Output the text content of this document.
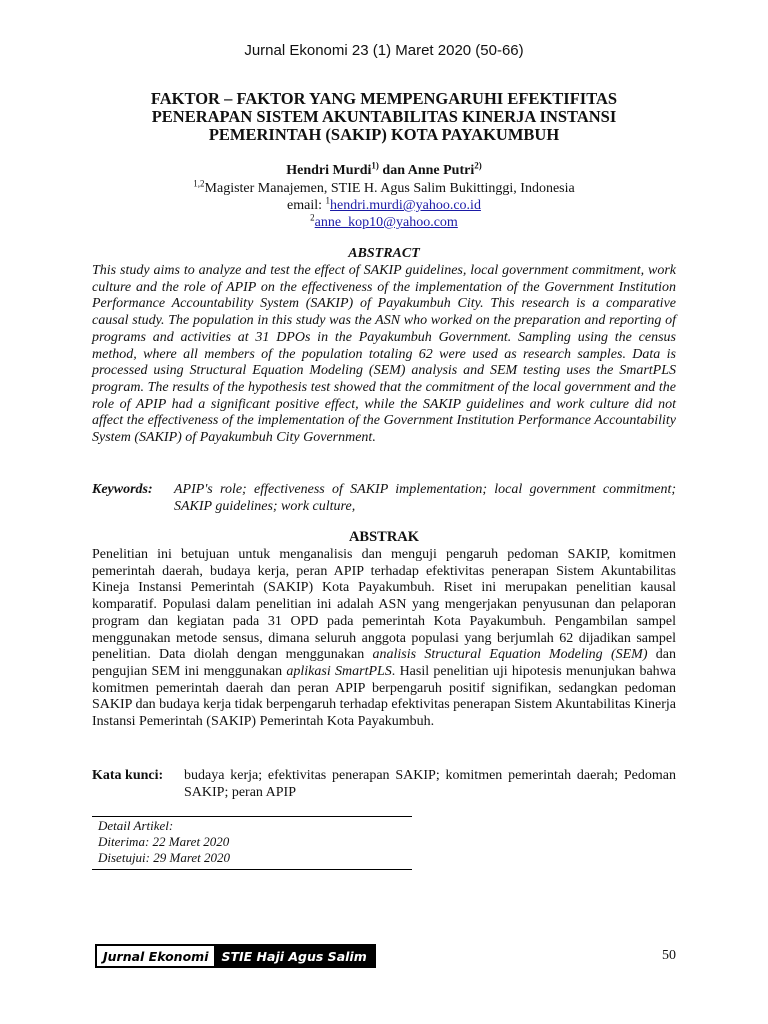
Jurnal Ekonomi 23 (1) Maret 2020 (50-66)
FAKTOR – FAKTOR YANG MEMPENGARUHI EFEKTIFITAS
PENERAPAN SISTEM AKUNTABILITAS KINERJA INSTANSI
PEMERINTAH (SAKIP) KOTA PAYAKUMBUH
Hendri Murdi$^{1)}$ dan Anne Putri$^{2)}$
$^{1,2}$Magister Manajemen, STIE H. Agus Salim Bukittinggi, Indonesia
email: $^1$hendri.murdi@yahoo.co.id
$^2$anne_kop10@yahoo.com
ABSTRACT
This study aims to analyze and test the effect of SAKIP guidelines, local government commitment, work culture and the role of APIP on the effectiveness of the implementation of the Government Institution Performance Accountability System (SAKIP) of Payakumbuh City. This research is a comparative causal study. The population in this study was the ASN who worked on the preparation and reporting of programs and activities at 31 DPOs in the Payakumbuh Government. Sampling using the census method, where all members of the population totaling 62 were used as research samples. Data is processed using Structural Equation Modeling (SEM) analysis and SEM testing uses the SmartPLS program. The results of the hypothesis test showed that the commitment of the local government and the role of APIP had a significant positive effect, while the SAKIP guidelines and work culture did not affect the effectiveness of the implementation of the Government Institution Performance Accountability System (SAKIP) of Payakumbuh City Government.
Keywords:	APIP's role; effectiveness of SAKIP implementation; local government commitment; SAKIP guidelines; work culture,
ABSTRAK
Penelitian ini betujuan untuk menganalisis dan menguji pengaruh pedoman SAKIP, komitmen pemerintah daerah, budaya kerja, peran APIP terhadap efektivitas penerapan Sistem Akuntabilitas Kineja Instansi Pemerintah (SAKIP) Kota Payakumbuh. Riset ini merupakan penelitian kausal komparatif. Populasi dalam penelitian ini adalah ASN yang mengerjakan penyusunan dan pelaporan program dan kegiatan pada 31 OPD pada pemerintah Kota Payakumbuh. Pengambilan sampel menggunakan metode sensus, dimana seluruh anggota populasi yang berjumlah 62 dijadikan sampel penelitian. Data diolah dengan menggunakan analisis Structural Equation Modeling (SEM) dan pengujian SEM ini menggunakan aplikasi SmartPLS. Hasil penelitian uji hipotesis menunjukan bahwa komitmen pemerintah daerah dan peran APIP berpengaruh positif signifikan, sedangkan pedoman SAKIP dan budaya kerja tidak berpengaruh terhadap efektivitas penerapan Sistem Akuntabilitas Kinerja Instansi Pemerintah (SAKIP) Pemerintah Kota Payakumbuh.
Kata kunci:	budaya kerja; efektivitas penerapan SAKIP; komitmen pemerintah daerah; Pedoman SAKIP; peran APIP
Detail Artikel:
Diterima: 22 Maret 2020
Disetujui: 29 Maret 2020
Jurnal Ekonomi	STIE Haji Agus Salim	50
